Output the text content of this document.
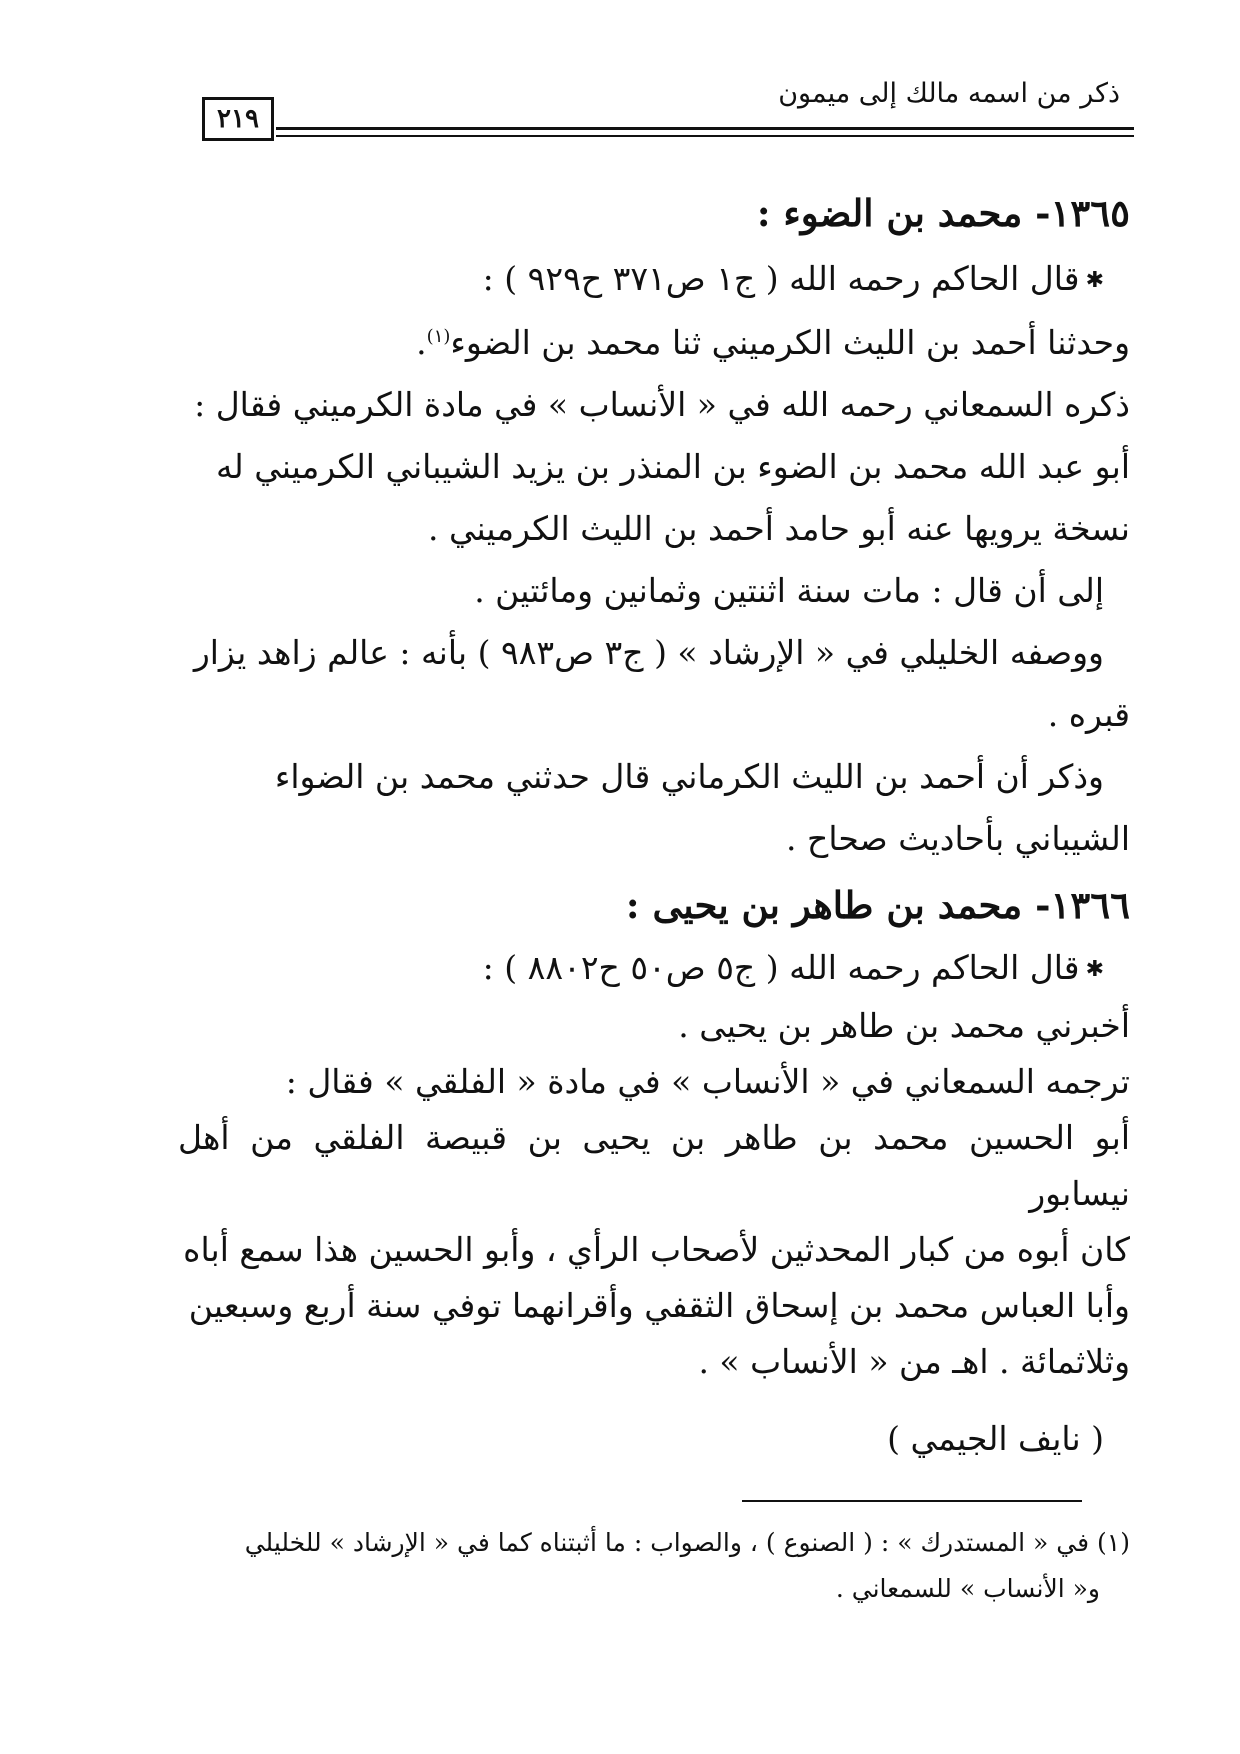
ذكر من اسمه مالك إلى ميمون
٢١٩

١٣٦٥- محمد بن الضوء :

✱قال الحاكم رحمه الله ( ج١ ص٣٧١ ح٩٢٩ ) :

وحدثنا أحمد بن الليث الكرميني ثنا محمد بن الضوء$^{(١)}$.

ذكره السمعاني رحمه الله في « الأنساب » في مادة الكرميني فقال :

أبو عبد الله محمد بن الضوء بن المنذر بن يزيد الشيباني الكرميني له

نسخة يرويها عنه أبو حامد أحمد بن الليث الكرميني .

إلى أن قال : مات سنة اثنتين وثمانين ومائتين .

ووصفه الخليلي في « الإرشاد » ( ج٣ ص٩٨٣ ) بأنه : عالم زاهد يزار

قبره .

وذكر أن أحمد بن الليث الكرماني قال حدثني محمد بن الضواء

الشيباني بأحاديث صحاح .

١٣٦٦- محمد بن طاهر بن يحيى :

✱قال الحاكم رحمه الله ( ج٥ ص٥٠ ح٨٨٠٢ ) :

أخبرني محمد بن طاهر بن يحيى .

ترجمه السمعاني في « الأنساب » في مادة « الفلقي » فقال :

أبو الحسين محمد بن طاهر بن يحيى بن قبيصة الفلقي من أهل نيسابور

كان أبوه من كبار المحدثين لأصحاب الرأي ، وأبو الحسين هذا سمع أباه

وأبا العباس محمد بن إسحاق الثقفي وأقرانهما توفي سنة أربع وسبعين

وثلاثمائة . اهـ من « الأنساب » .

( نايف الجيمي )

(١) في « المستدرك » : ( الصنوع ) ، والصواب : ما أثبتناه كما في « الإرشاد » للخليلي
و« الأنساب » للسمعاني .
